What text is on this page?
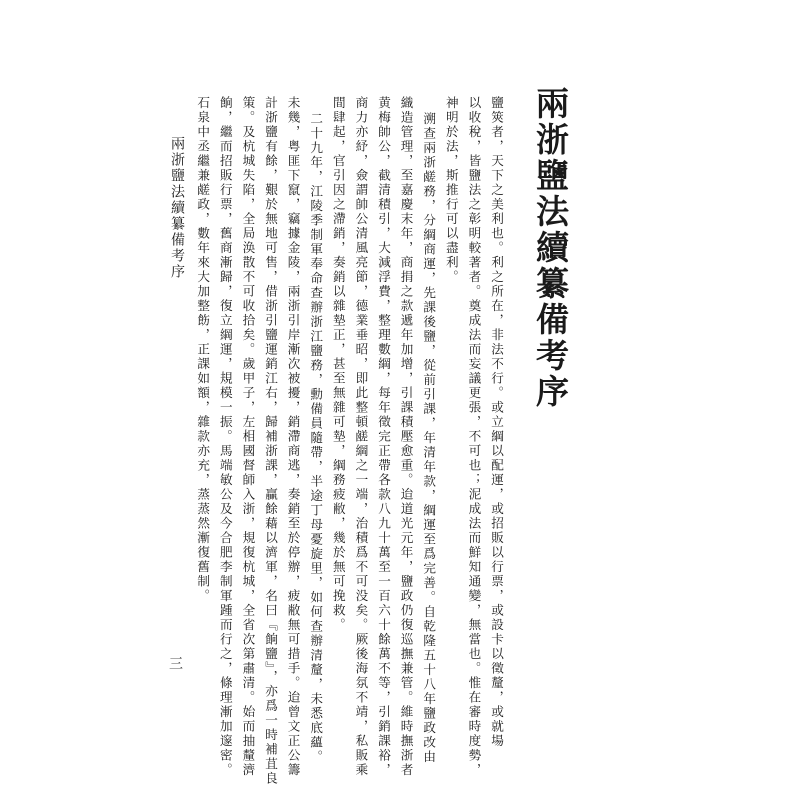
兩浙鹽法續纂備考序
鹽筴者，天下之美利也。利之所在，非法不行。或立綱以配運，或招販以行票，或設卡以徵釐，或就場
以收稅，皆鹽法之彰明較著者。奠成法而妄議更張，不可也；泥成法而鮮知通變，無當也。惟在審時度勢，
神明於法，斯推行可以盡利。
溯查兩浙鹾務，分綱商運，先課後鹽，從前引課，年清年款，綱運至爲完善。自乾隆五十八年鹽政改由
織造管理，至嘉慶末年，商捐之款遞年加增，引課積壓愈重。迨道光元年，鹽政仍復巡撫兼管。維時撫浙者
黄梅帥公，截清積引，大減浮費，整理數綱，每年徵完正帶各款八九十萬至一百六十餘萬不等，引銷課裕，
商力亦紓，僉謂帥公清風亮節，德業垂昭，即此整頓鹾綱之一端，治積爲不可没矣。厥後海氛不靖，私販乘
間肆起，官引因之滯銷，奏銷以雜墊正，甚至無雜可墊，綱務疲敝，幾於無可挽救。
二十九年，江陵季制軍奉命查辦浙江鹽務，勳備員隨帶，半途丁母憂旋里，如何查辦清釐，未悉底蘊。
未幾，粤匪下竄，竊據金陵，兩浙引岸漸次被擾，銷滯商逃，奏銷至於停辦，疲敝無可措手。迨曾文正公籌
計浙鹽有餘，艱於無地可售，借浙引鹽運銷江右，歸補浙課，贏餘藉以濟軍，名曰『餉鹽』，亦爲一時補苴良
策。及杭城失陷，全局涣散不可收拾矣。歲甲子，左相國督師入浙，規復杭城，全省次第肅清。始而抽釐濟
餉，繼而招販行票，舊商漸歸，復立綱運，規模一振。馬端敏公及今合肥李制軍踵而行之，條理漸加邃密。
石泉中丞繼兼鹾政，數年來大加整飭，正課如額，雜款亦充，蒸蒸然漸復舊制。
兩浙鹽法續纂備考序
三
